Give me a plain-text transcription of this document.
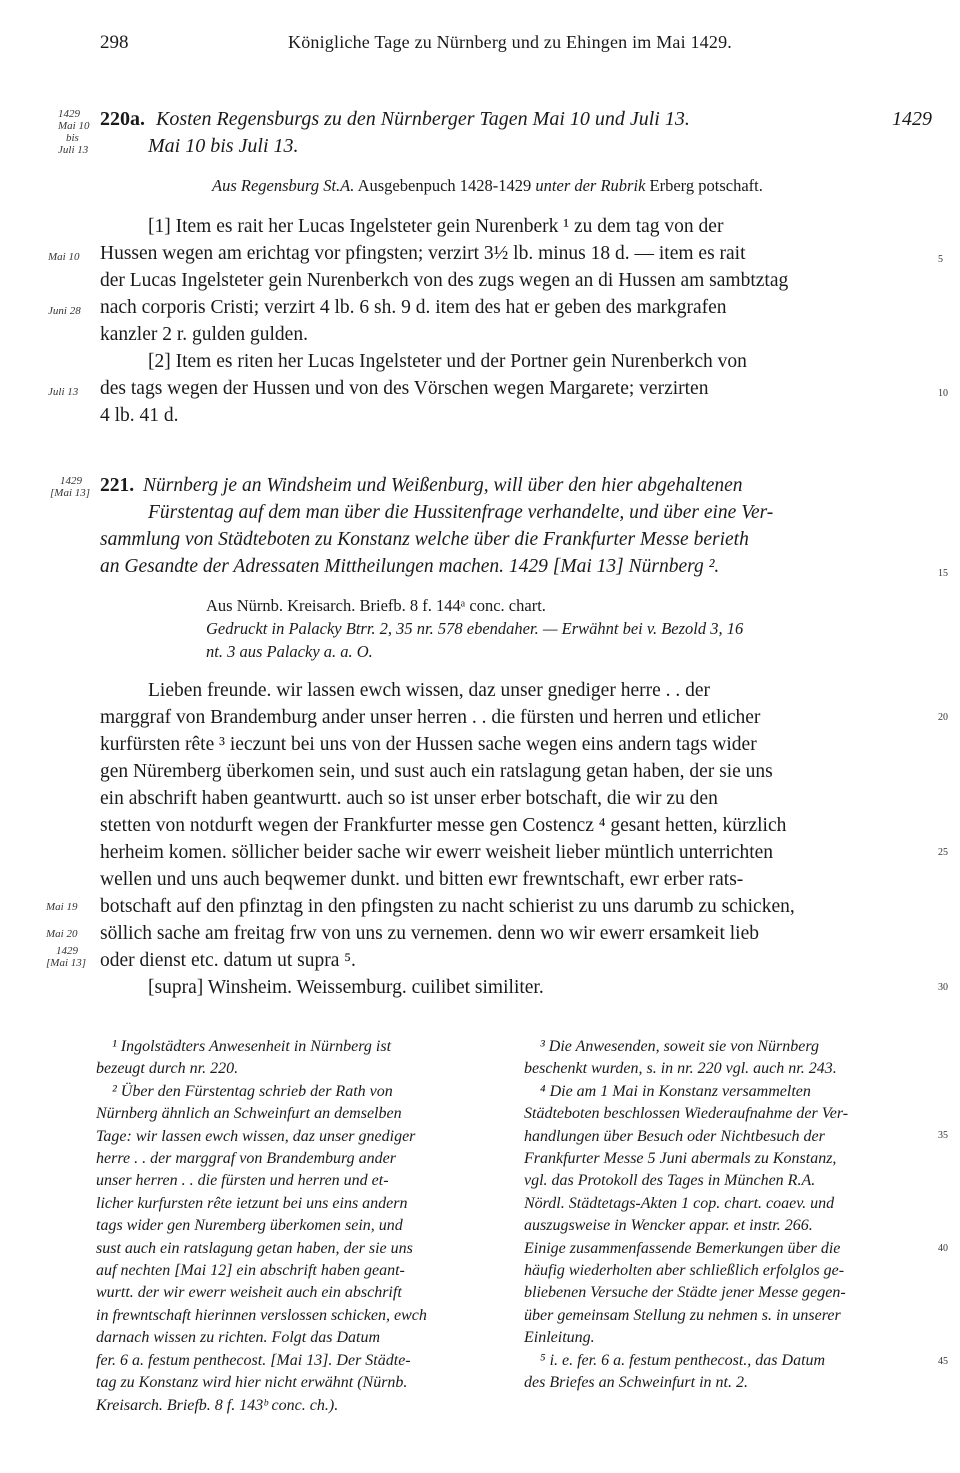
298	Königliche Tage zu Nürnberg und zu Ehingen im Mai 1429.
1429
Mai 10
bis
Juli 13
220a. Kosten Regensburgs zu den Nürnberger Tagen Mai 10 und Juli 13.	1429
Mai 10 bis Juli 13.
Aus Regensburg St.A. Ausgebenpuch 1428-1429 unter der Rubrik Erberg potschaft.
[1] Item es rait her Lucas Ingelsteter gein Nurenberk ¹ zu dem tag von der
Hussen wegen am erichtag vor pfingsten; verzirt 3½ lb. minus 18 d. — item es rait
der Lucas Ingelsteter gein Nurenberkch von des zugs wegen an di Hussen am sambtztag
nach corporis Cristi; verzirt 4 lb. 6 sh. 9 d. item des hat er geben des markgrafen
kanzler 2 r. gulden gulden.
[2] Item es riten her Lucas Ingelsteter und der Portner gein Nurenberkch von
des tags wegen der Hussen und von des Vörschen wegen Margarete; verzirten
4 lb. 41 d.
Mai 10
Juni 28
Juli 13
5
10
1429
[Mai 13] 221. Nürnberg je an Windsheim und Weißenburg, will über den hier abgehaltenen
Fürstentag auf dem man über die Hussitenfrage verhandelte, und über eine Ver-
sammlung von Städteboten zu Konstanz welche über die Frankfurter Messe berieth
an Gesandte der Adressaten Mittheilungen machen. 1429 [Mai 13] Nürnberg ².	15
Aus Nürnb. Kreisarch. Briefb. 8 f. 144ᵃ conc. chart.
Gedruckt in Palacky Btrr. 2, 35 nr. 578 ebendaher. — Erwähnt bei v. Bezold 3, 16
nt. 3 aus Palacky a. a. O.
Lieben freunde. wir lassen ewch wissen, daz unser gnediger herre . . der
marggraf von Brandemburg ander unser herren . . die fürsten und herren und etlicher
kurfürsten rête ³ ieczunt bei uns von der Hussen sache wegen eins andern tags wider
gen Nüremberg überkomen sein, und sust auch ein ratslagung getan haben, der sie uns
ein abschrift haben geantwurtt. auch so ist unser erber botschaft, die wir zu den
stetten von notdurft wegen der Frankfurter messe gen Costencz ⁴ gesant hetten, kürzlich
herheim komen. söllicher beider sache wir ewerr weisheit lieber müntlich unterrichten
wellen und uns auch beqwemer dunkt. und bitten ewr frewntschaft, ewr erber rats-
botschaft auf den pfinztag in den pfingsten zu nacht schierist zu uns darumb zu schicken,
söllich sache am freitag frw von uns zu vernemen. denn wo wir ewerr ersamkeit lieb
oder dienst etc. datum ut supra ⁵.
[supra] Winsheim. Weissemburg. cuilibet similiter.
Mai 19
Mai 20
1429
[Mai 13]
20
25
30
¹ Ingolstädters Anwesenheit in Nürnberg ist
bezeugt durch nr. 220.
² Über den Fürstentag schrieb der Rath von
Nürnberg ähnlich an Schweinfurt an demselben
Tage: wir lassen ewch wissen, daz unser gnediger
herre . . der marggraf von Brandemburg ander
unser herren . . die fürsten und herren und et-
licher kurfursten rête ietzunt bei uns eins andern
tags wider gen Nuremberg überkomen sein, und
sust auch ein ratslagung getan haben, der sie uns
auf nechten [Mai 12] ein abschrift haben geant-
wurtt. der wir ewerr weisheit auch ein abschrift
in frewntschaft hierinnen verslossen schicken, ewch
darnach wissen zu richten. Folgt das Datum
fer. 6 a. festum penthecost. [Mai 13]. Der Städte-
tag zu Konstanz wird hier nicht erwähnt (Nürnb.
Kreisarch. Briefb. 8 f. 143ᵇ conc. ch.).
³ Die Anwesenden, soweit sie von Nürnberg
beschenkt wurden, s. in nr. 220 vgl. auch nr. 243.
⁴ Die am 1 Mai in Konstanz versammelten
Städteboten beschlossen Wiederaufnahme der Ver-
handlungen über Besuch oder Nichtbesuch der
Frankfurter Messe 5 Juni abermals zu Konstanz,
vgl. das Protokoll des Tages in München R.A.
Nördl. Städtetags-Akten 1 cop. chart. coaev. und
auszugsweise in Wencker appar. et instr. 266.
Einige zusammenfassende Bemerkungen über die
häufig wiederholten aber schließlich erfolglos ge-
bliebenen Versuche der Städte jener Messe gegen-
über gemeinsam Stellung zu nehmen s. in unserer
Einleitung.
⁵ i. e. fer. 6 a. festum penthecost., das Datum
des Briefes an Schweinfurt in nt. 2.
35
40
45
